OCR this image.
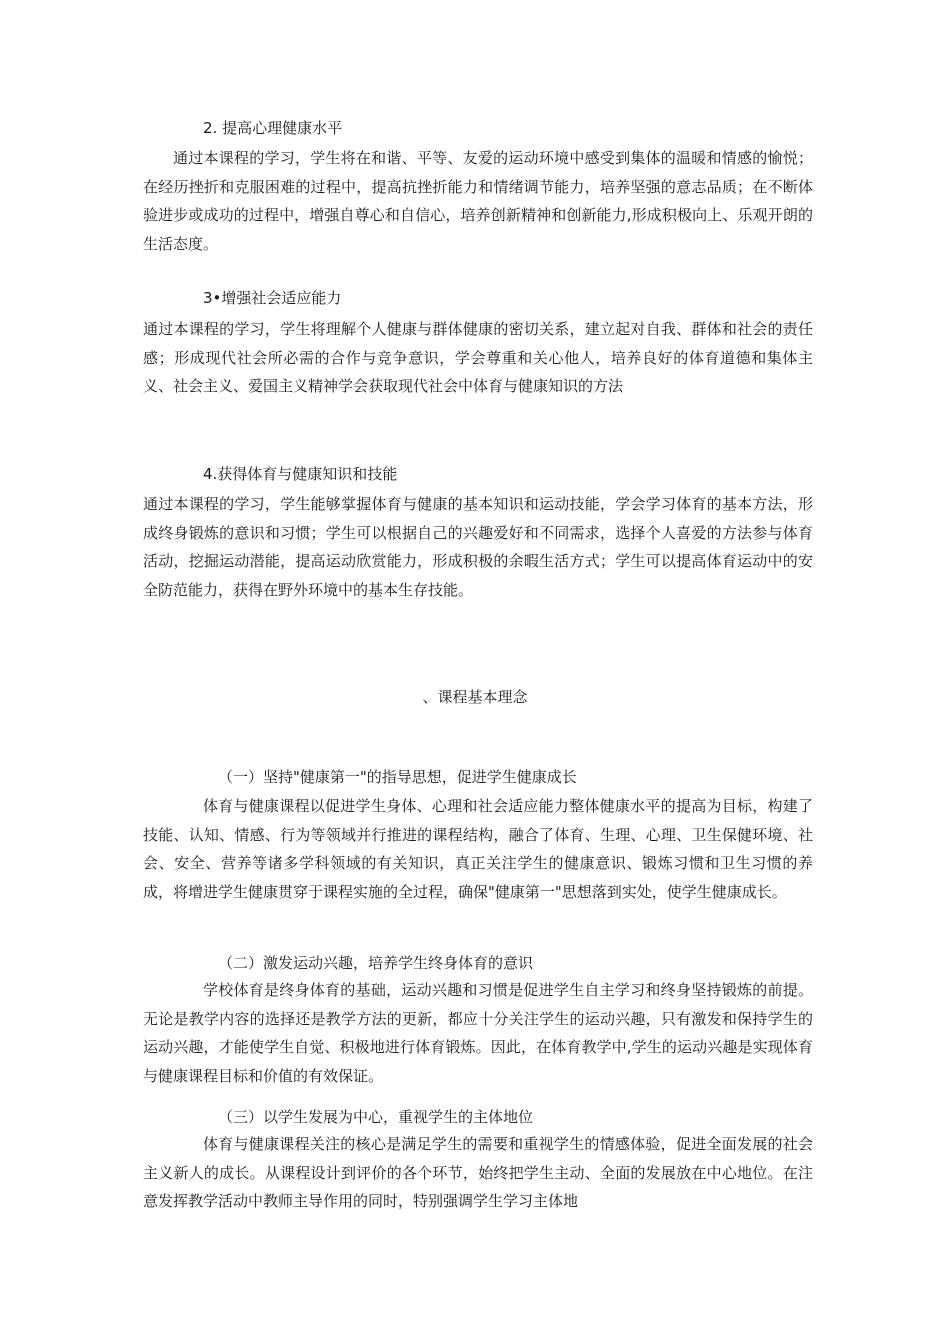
2. 提高心理健康水平

通过本课程的学习，学生将在和谐、平等、友爱的运动环境中感受到集体的温暖和情感的愉悦；在经历挫折和克服困难的过程中，提高抗挫折能力和情绪调节能力，培养坚强的意志品质；在不断体验进步或成功的过程中，增强自尊心和自信心，培养创新精神和创新能力,形成积极向上、乐观开朗的生活态度。

3•增强社会适应能力

通过本课程的学习，学生将理解个人健康与群体健康的密切关系，建立起对自我、群体和社会的责任感；形成现代社会所必需的合作与竞争意识，学会尊重和关心他人，培养良好的体育道德和集体主义、社会主义、爱国主义精神学会获取现代社会中体育与健康知识的方法

4.获得体育与健康知识和技能

通过本课程的学习，学生能够掌握体育与健康的基本知识和运动技能，学会学习体育的基本方法，形成终身锻炼的意识和习惯；学生可以根据自己的兴趣爱好和不同需求，选择个人喜爱的方法参与体育活动，挖掘运动潜能，提高运动欣赏能力，形成积极的余暇生活方式；学生可以提高体育运动中的安全防范能力，获得在野外环境中的基本生存技能。

、课程基本理念
（一）坚持"健康第一"的指导思想，促进学生健康成长

体育与健康课程以促进学生身体、心理和社会适应能力整体健康水平的提高为目标，构建了技能、认知、情感、行为等领域并行推进的课程结构，融合了体育、生理、心理、卫生保健环境、社会、安全、营养等诸多学科领域的有关知识，真正关注学生的健康意识、锻炼习惯和卫生习惯的养成，将增进学生健康贯穿于课程实施的全过程，确保"健康第一"思想落到实处，使学生健康成长。

（二）激发运动兴趣，培养学生终身体育的意识

学校体育是终身体育的基础，运动兴趣和习惯是促进学生自主学习和终身坚持锻炼的前提。无论是教学内容的选择还是教学方法的更新，都应十分关注学生的运动兴趣，只有激发和保持学生的运动兴趣，才能使学生自觉、积极地进行体育锻炼。因此，在体育教学中,学生的运动兴趣是实现体育与健康课程目标和价值的有效保证。

（三）以学生发展为中心，重视学生的主体地位

体育与健康课程关注的核心是满足学生的需要和重视学生的情感体验，促进全面发展的社会主义新人的成长。从课程设计到评价的各个环节，始终把学生主动、全面的发展放在中心地位。在注意发挥教学活动中教师主导作用的同时，特别强调学生学习主体地
